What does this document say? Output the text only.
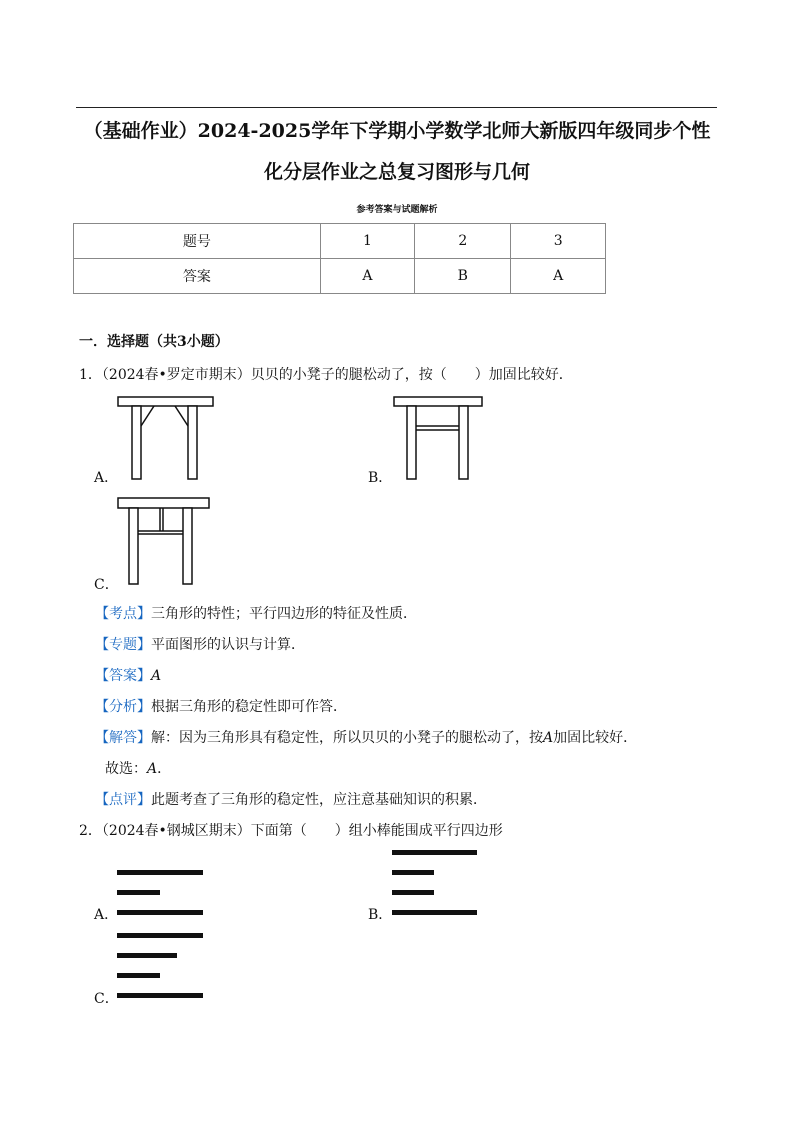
（基础作业）2024-2025学年下学期小学数学北师大新版四年级同步个性
化分层作业之总复习图形与几何
参考答案与试题解析
题号	1	2	3
答案	A	B	A
一．选择题（共3小题）
1．（2024春•罗定市期末）贝贝的小凳子的腿松动了，按（　　）加固比较好．
A．	B．
C．
【考点】三角形的特性；平行四边形的特征及性质．
【专题】平面图形的认识与计算．
【答案】A
【分析】根据三角形的稳定性即可作答．
【解答】解：因为三角形具有稳定性，所以贝贝的小凳子的腿松动了，按A加固比较好．
故选：A．
【点评】此题考查了三角形的稳定性，应注意基础知识的积累．
2．（2024春•钢城区期末）下面第（　　）组小棒能围成平行四边形
A．	B．
C．
